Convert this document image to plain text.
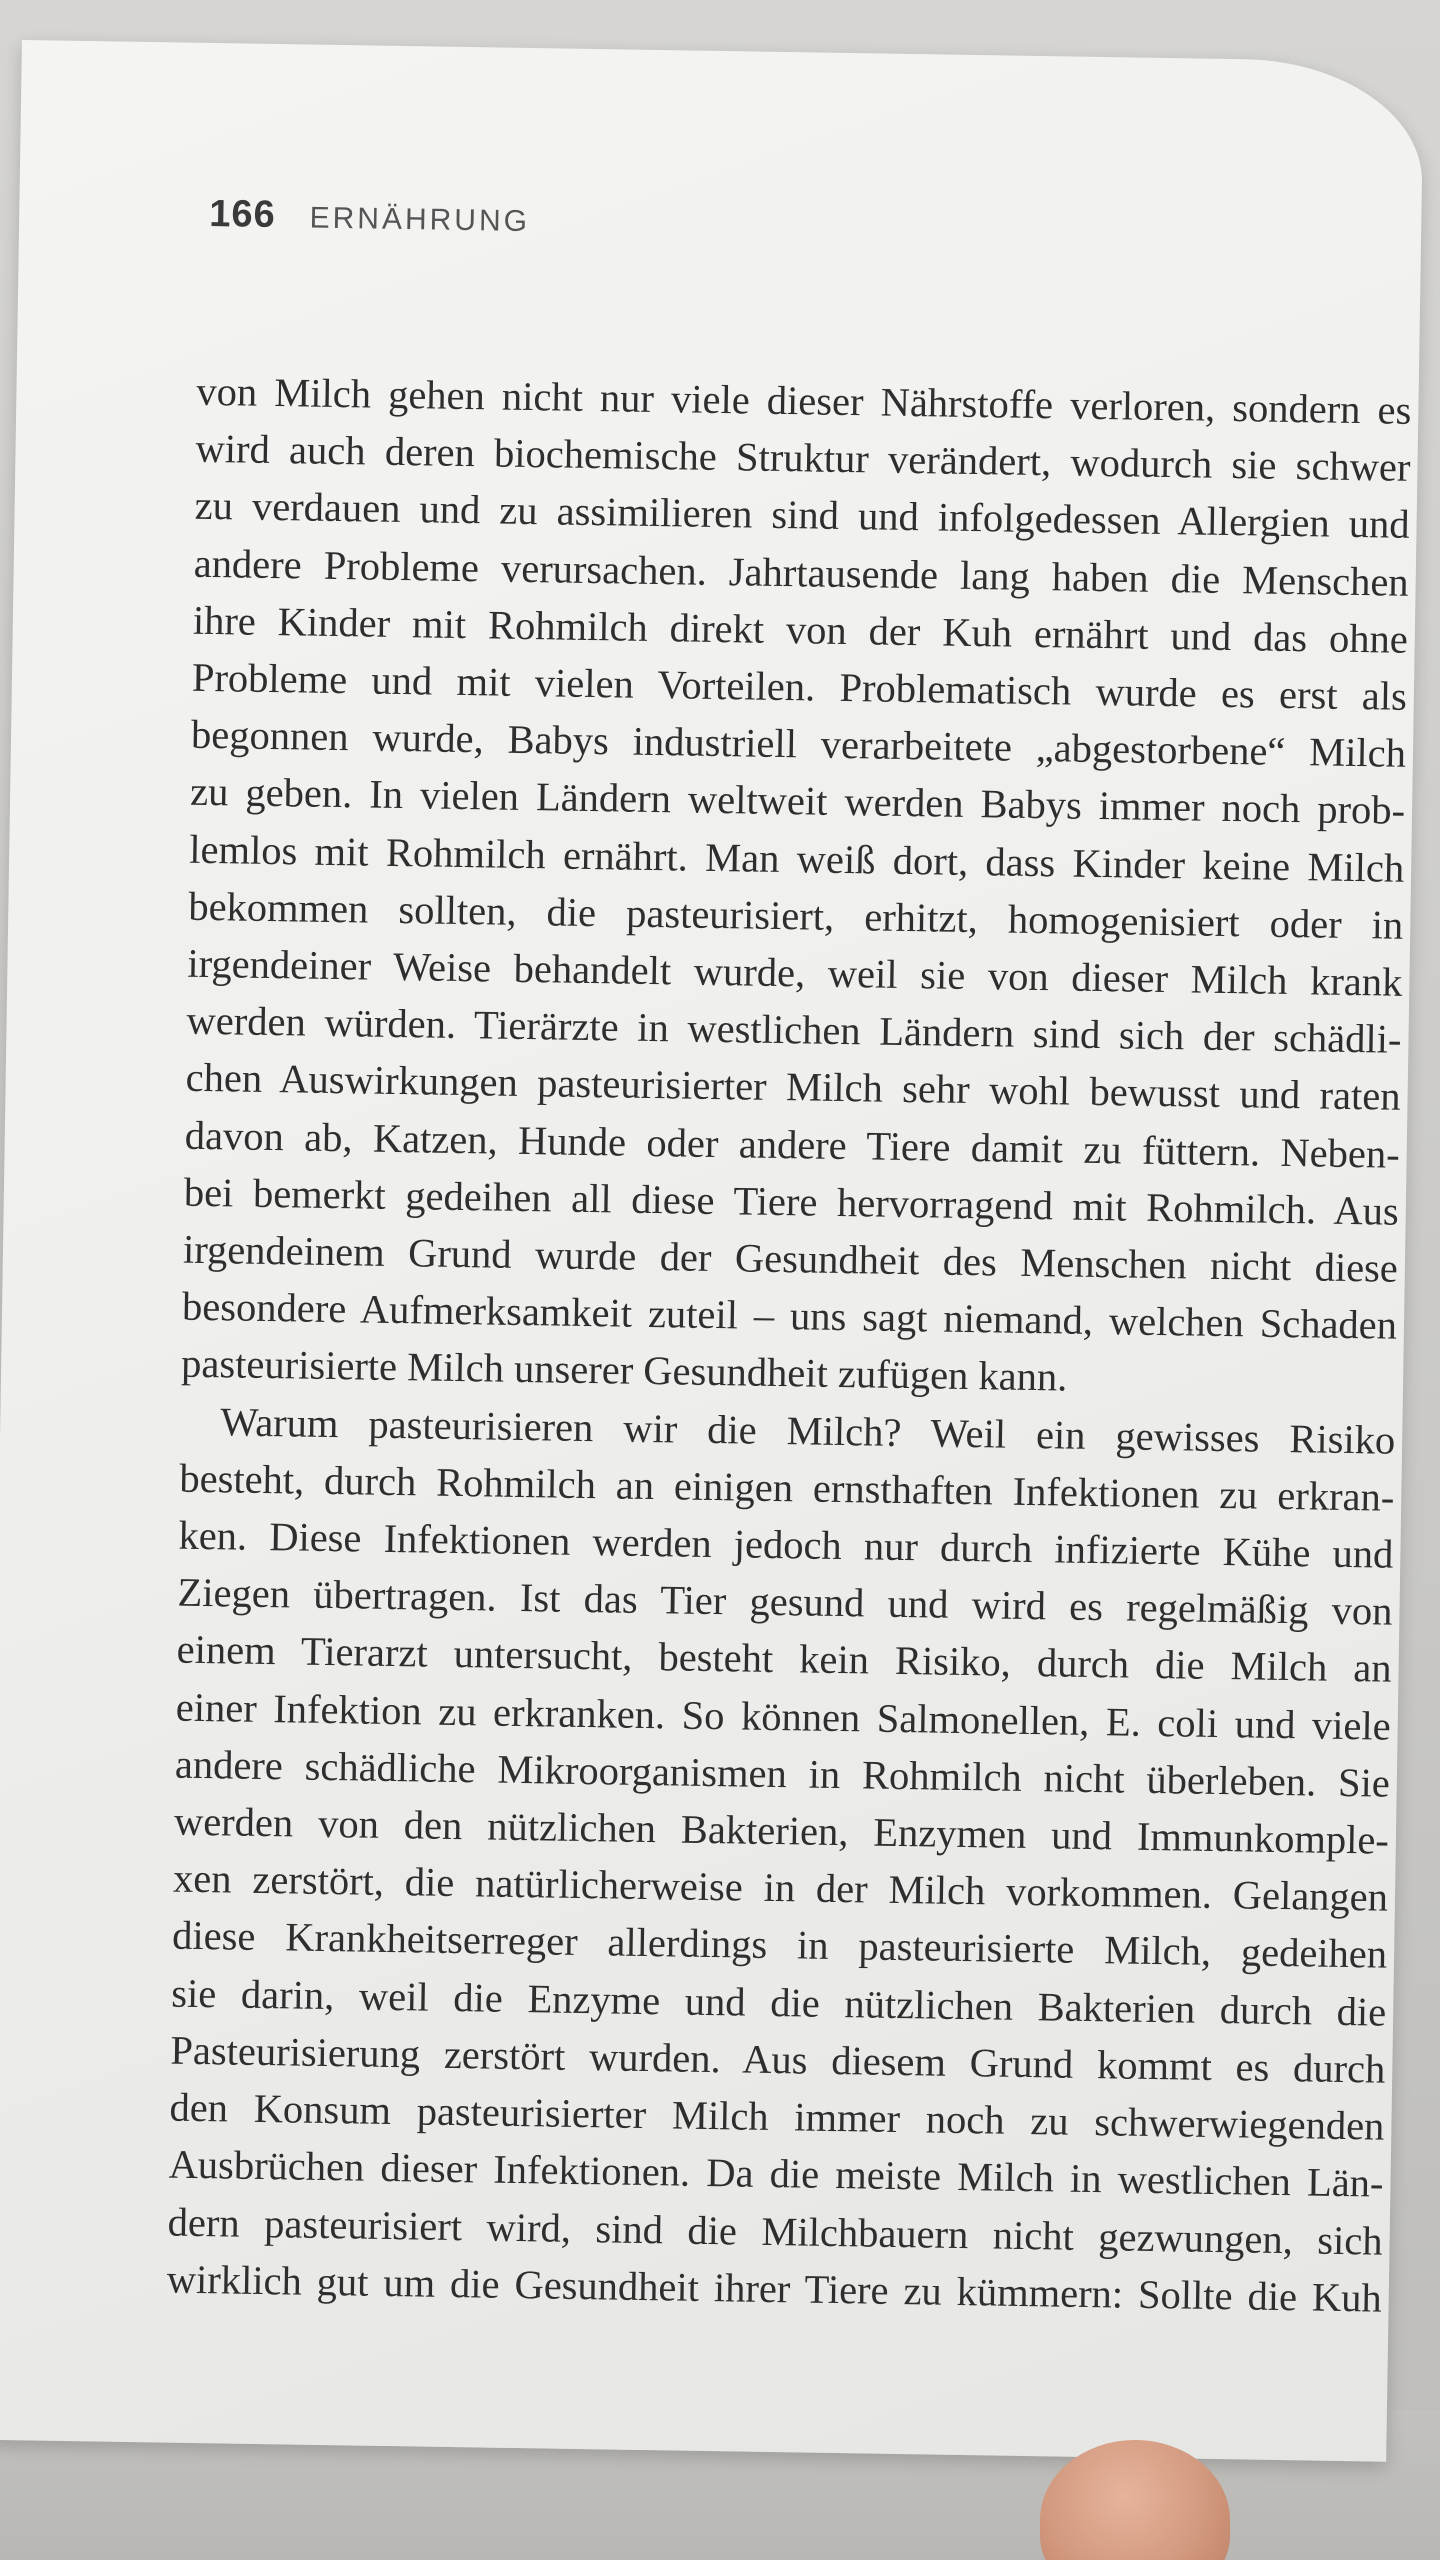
166 ERNÄHRUNG
von Milch gehen nicht nur viele dieser Nährstoffe verloren, sondern es
wird auch deren biochemische Struktur verändert, wodurch sie schwer
zu verdauen und zu assimilieren sind und infolgedessen Allergien und
andere Probleme verursachen. Jahrtausende lang haben die Menschen
ihre Kinder mit Rohmilch direkt von der Kuh ernährt und das ohne
Probleme und mit vielen Vorteilen. Problematisch wurde es erst als
begonnen wurde, Babys industriell verarbeitete „abgestorbene“ Milch
zu geben. In vielen Ländern weltweit werden Babys immer noch prob-
lemlos mit Rohmilch ernährt. Man weiß dort, dass Kinder keine Milch
bekommen sollten, die pasteurisiert, erhitzt, homogenisiert oder in
irgendeiner Weise behandelt wurde, weil sie von dieser Milch krank
werden würden. Tierärzte in westlichen Ländern sind sich der schädli-
chen Auswirkungen pasteurisierter Milch sehr wohl bewusst und raten
davon ab, Katzen, Hunde oder andere Tiere damit zu füttern. Neben-
bei bemerkt gedeihen all diese Tiere hervorragend mit Rohmilch. Aus
irgendeinem Grund wurde der Gesundheit des Menschen nicht diese
besondere Aufmerksamkeit zuteil – uns sagt niemand, welchen Schaden
pasteurisierte Milch unserer Gesundheit zufügen kann.
Warum pasteurisieren wir die Milch? Weil ein gewisses Risiko
besteht, durch Rohmilch an einigen ernsthaften Infektionen zu erkran-
ken. Diese Infektionen werden jedoch nur durch infizierte Kühe und
Ziegen übertragen. Ist das Tier gesund und wird es regelmäßig von
einem Tierarzt untersucht, besteht kein Risiko, durch die Milch an
einer Infektion zu erkranken. So können Salmonellen, E. coli und viele
andere schädliche Mikroorganismen in Rohmilch nicht überleben. Sie
werden von den nützlichen Bakterien, Enzymen und Immunkomple-
xen zerstört, die natürlicherweise in der Milch vorkommen. Gelangen
diese Krankheitserreger allerdings in pasteurisierte Milch, gedeihen
sie darin, weil die Enzyme und die nützlichen Bakterien durch die
Pasteurisierung zerstört wurden. Aus diesem Grund kommt es durch
den Konsum pasteurisierter Milch immer noch zu schwerwiegenden
Ausbrüchen dieser Infektionen. Da die meiste Milch in westlichen Län-
dern pasteurisiert wird, sind die Milchbauern nicht gezwungen, sich
wirklich gut um die Gesundheit ihrer Tiere zu kümmern: Sollte die Kuh
